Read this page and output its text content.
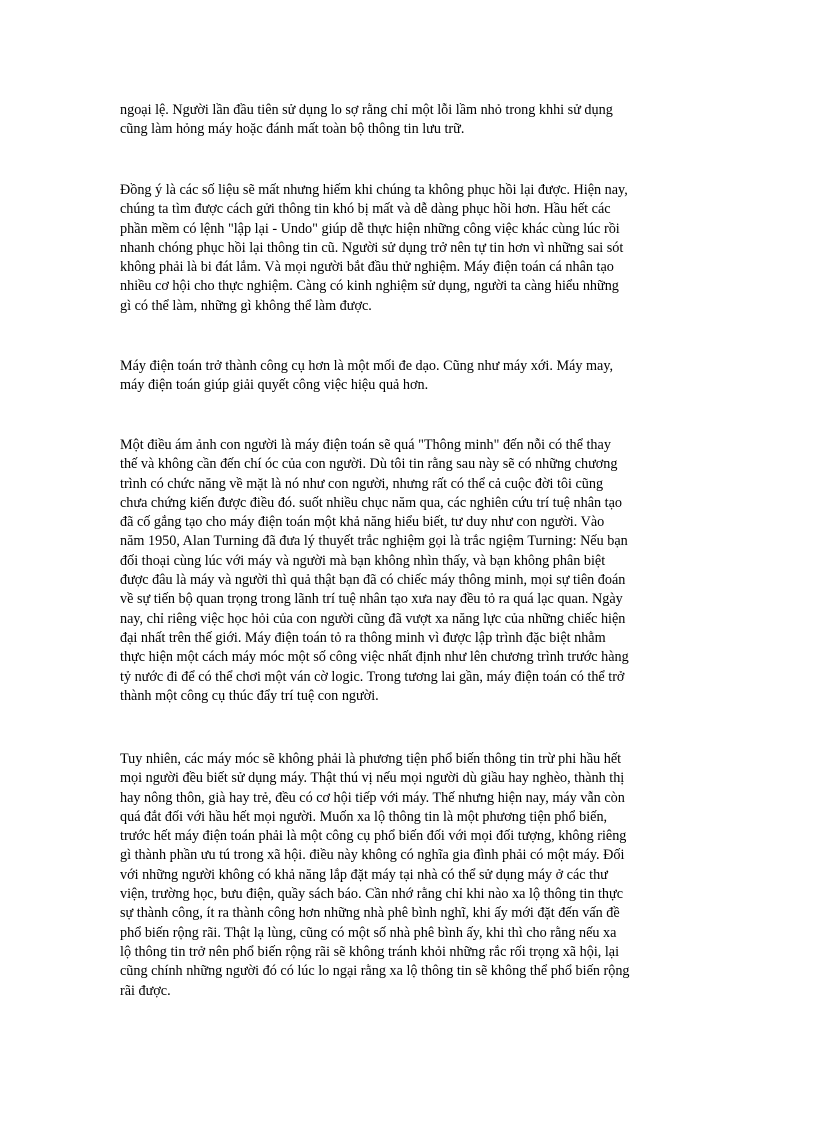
ngoại lệ. Người lần đầu tiên sử dụng lo sợ rằng chỉ một lỗi lầm nhỏ trong khhi sử dụng
cũng làm hỏng máy hoặc đánh mất toàn bộ thông tin lưu trữ.

Đồng ý là các số liệu sẽ mất nhưng hiếm khi chúng ta không phục hồi lại được. Hiện nay,
chúng ta tìm được cách gửi thông tin khó bị mất và dễ dàng phục hồi hơn. Hầu hết các
phần mềm có lệnh "lập lại - Undo" giúp dễ thực hiện những công việc khác cùng lúc rồi
nhanh chóng phục hồi lại thông tin cũ. Người sử dụng trở nên tự tin hơn vì những sai sót
không phải là bi đát lắm. Và mọi người bắt đầu thử nghiệm. Máy điện toán cá nhân tạo
nhiều cơ hội cho thực nghiệm. Càng có kinh nghiệm sử dụng, người ta càng hiểu những
gì có thể làm, những gì không thể làm được.

Máy điện toán trở thành công cụ hơn là một mối đe dạo. Cũng như máy xới. Máy may,
máy điện toán giúp giải quyết công việc hiệu quả hơn.

Một điều ám ảnh con người là máy điện toán sẽ quá "Thông minh" đến nỗi có thể thay
thế và không cần đến chí óc của con người. Dù tôi tin rằng sau này sẽ có những chương
trình có chức năng về mặt là nó như con người, nhưng rất có thể cả cuộc đời tôi cũng
chưa chứng kiến được điều đó. suốt nhiều chục năm qua, các nghiên cứu trí tuệ nhân tạo
đã cố gắng tạo cho máy điện toán một khả năng hiểu biết, tư duy như con người. Vào
năm 1950, Alan Turning đã đưa lý thuyết trắc nghiệm gọi là trắc ngiệm Turning: Nếu bạn
đối thoại cùng lúc với máy và người mà bạn không nhìn thấy, và bạn không phân biệt
được đâu là máy và người thì quả thật bạn đã có chiếc máy thông minh, mọi sự tiên đoán
về sự tiến bộ quan trọng trong lãnh trí tuệ nhân tạo xưa nay đều tỏ ra quá lạc quan. Ngày
nay, chỉ riêng việc học hỏi của con người cũng đã vượt xa năng lực của những chiếc hiện
đại nhất trên thế giới. Máy điện toán tỏ ra thông minh vì được lập trình đặc biệt nhằm
thực hiện một cách máy móc một số công việc nhất định như lên chương trình trước hàng
tỷ nước đi để có thể chơi một ván cờ logic. Trong tương lai gần, máy điện toán có thể trở
thành một công cụ thúc đẩy trí tuệ con người.

Tuy nhiên, các máy móc sẽ không phải là phương tiện phổ biến thông tin trừ phi hầu hết
mọi người đều biết sử dụng máy. Thật thú vị nếu mọi người dù giầu hay nghèo, thành thị
hay nông thôn, già hay trẻ, đều có cơ hội tiếp với máy. Thế nhưng hiện nay, máy vẫn còn
quá đắt đối với hầu hết mọi người. Muốn xa lộ thông tin là một phương tiện phổ biến,
trước hết máy điện toán phải là một công cụ phổ biến đối với mọi đối tượng, không riêng
gì thành phần ưu tú trong xã hội. điều này không có nghĩa gia đình phải có một máy. Đối
với những người không có khả năng lắp đặt máy tại nhà có thể sử dụng máy ở các thư
viện, trường học, bưu điện, quầy sách báo. Cần nhớ rằng chỉ khi nào xa lộ thông tin thực
sự thành công, ít ra thành công hơn những nhà phê bình nghĩ, khi ấy mới đặt đến vấn đề
phổ biến rộng rãi. Thật lạ lùng, cũng có một số nhà phê bình ấy, khi thì cho rằng nếu xa
lộ thông tin trở nên phổ biến rộng rãi sẽ không tránh khỏi những rắc rối trọng xã hội, lại
cũng chính những người đó có lúc lo ngại rằng xa lộ thông tin sẽ không thể phổ biến rộng
rãi được.
